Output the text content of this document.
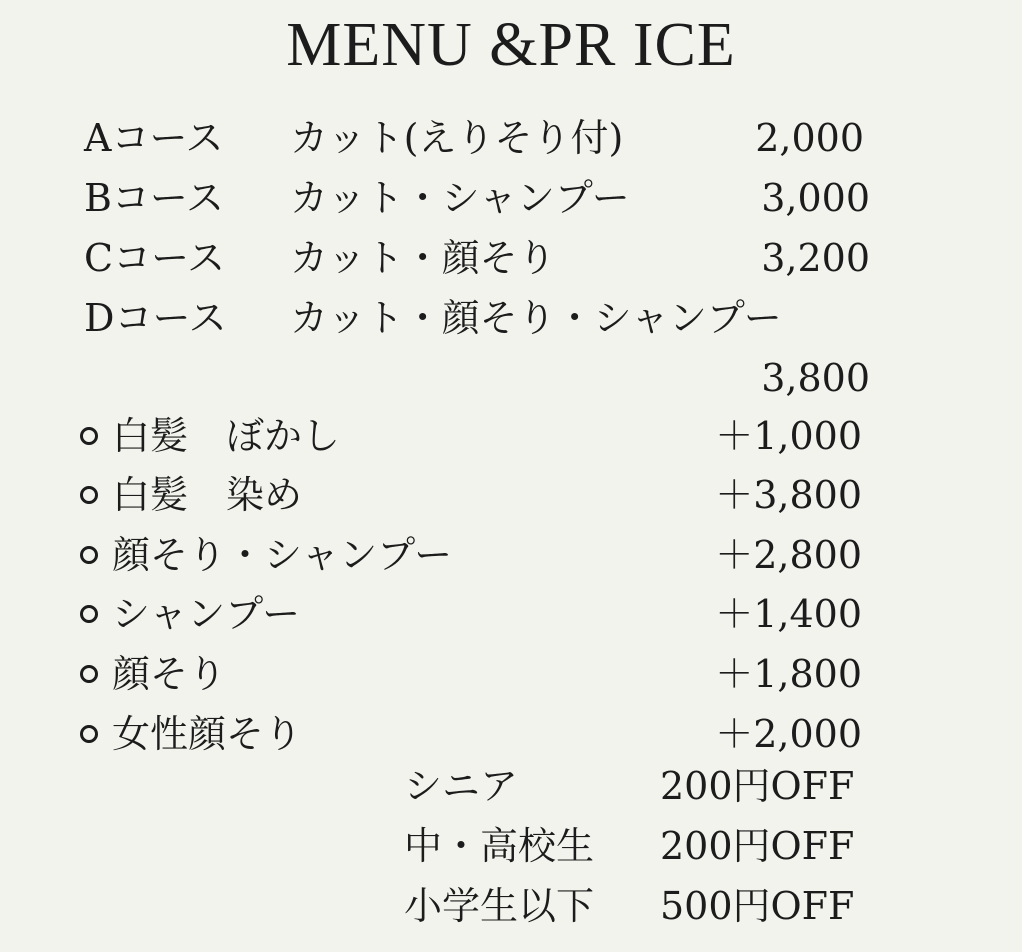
MENU &PR ICE
Aコース カット(えりそり付)	2,000
Bコース カット・シャンプー	3,000
Cコース カット・顔そり	3,200
Dコース カット・顔そり・シャンプー
3,800
白髪　ぼかし	＋1,000
白髪　染め	＋3,800
顔そり・シャンプー	＋2,800
シャンプー	＋1,400
顔そり	＋1,800
女性顔そり	＋2,000
シニア	200円OFF
中・高校生 200円OFF
小学生以下 500円OFF
